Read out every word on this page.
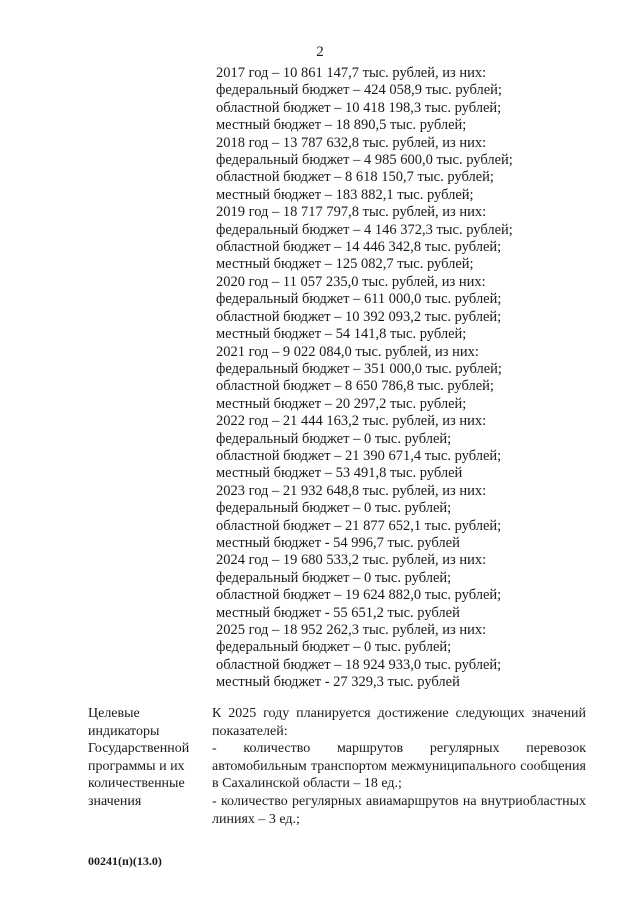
2
2017 год – 10 861 147,7 тыс. рублей, из них:
федеральный бюджет – 424 058,9 тыс. рублей;
областной бюджет – 10 418 198,3 тыс. рублей;
местный бюджет – 18 890,5 тыс. рублей;
2018 год – 13 787 632,8 тыс. рублей, из них:
федеральный бюджет – 4 985 600,0 тыс. рублей;
областной бюджет – 8 618 150,7 тыс. рублей;
местный бюджет – 183 882,1 тыс. рублей;
2019 год – 18 717 797,8 тыс. рублей, из них:
федеральный бюджет – 4 146 372,3 тыс. рублей;
областной бюджет – 14 446 342,8 тыс. рублей;
местный бюджет – 125 082,7 тыс. рублей;
2020 год – 11 057 235,0 тыс. рублей, из них:
федеральный бюджет – 611 000,0 тыс. рублей;
областной бюджет – 10 392 093,2 тыс. рублей;
местный бюджет – 54 141,8 тыс. рублей;
2021 год – 9 022 084,0 тыс. рублей, из них:
федеральный бюджет – 351 000,0 тыс. рублей;
областной бюджет – 8 650 786,8 тыс. рублей;
местный бюджет – 20 297,2 тыс. рублей;
2022 год – 21 444 163,2 тыс. рублей, из них:
федеральный бюджет – 0 тыс. рублей;
областной бюджет – 21 390 671,4 тыс. рублей;
местный бюджет – 53 491,8 тыс. рублей
2023 год – 21 932 648,8 тыс. рублей, из них:
федеральный бюджет – 0 тыс. рублей;
областной бюджет – 21 877 652,1 тыс. рублей;
местный бюджет - 54 996,7 тыс. рублей
2024 год – 19 680 533,2 тыс. рублей, из них:
федеральный бюджет – 0 тыс. рублей;
областной бюджет – 19 624 882,0 тыс. рублей;
местный бюджет - 55 651,2 тыс. рублей
2025 год – 18 952 262,3 тыс. рублей, из них:
федеральный бюджет – 0 тыс. рублей;
областной бюджет – 18 924 933,0 тыс. рублей;
местный бюджет - 27 329,3 тыс. рублей
Целевые
индикаторы
Государственной
программы и их
количественные
значения
К 2025 году планируется достижение следующих значений показателей:
- количество маршрутов регулярных перевозок автомобильным транспортом межмуниципального сообщения в Сахалинской области – 18 ед.;
- количество регулярных авиамаршрутов на внутриобластных линиях – 3 ед.;
00241(п)(13.0)
